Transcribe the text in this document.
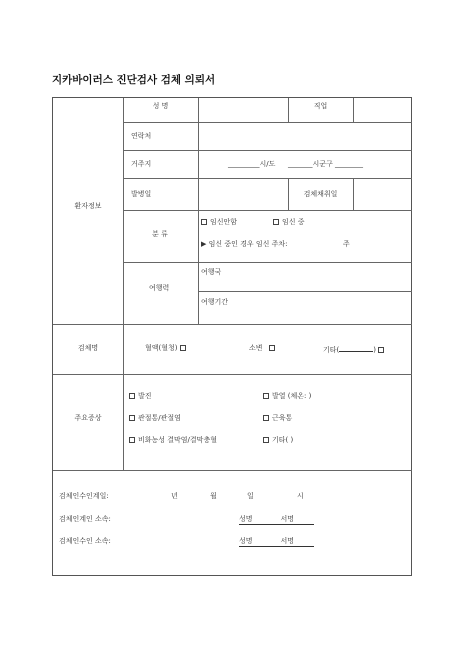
지카바이러스 진단검사 검체 의뢰서
환자정보
성 명	직업
연락처
거주지	_________시/도 _______시군구 ________
발병일	검체채취일
분 류
임신안함	임신 중
▶ 임신 중인 경우 임신 주차:	주
여행력
여행국
여행기간
검체명	혈액(혈청)	소변	기타(	)
주요증상
발진	발열 (체온: )
관절통/관절염	근육통
비화농성 결막염/결막충혈	기타( )
검체인수인계일:	년	월	일	시
검체인계인 소속:	성명	서명
검체인수인 소속:	성명	서명
